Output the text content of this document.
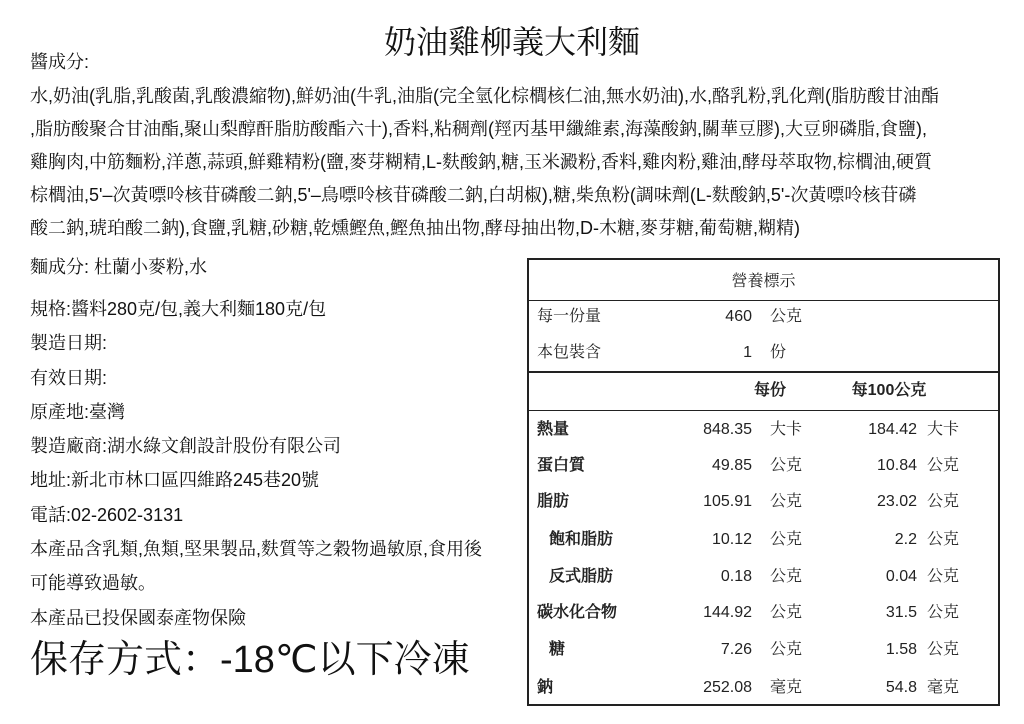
奶油雞柳義大利麵
醬成分:
水,奶油(乳脂,乳酸菌,乳酸濃縮物),鮮奶油(牛乳,油脂(完全氫化棕櫚核仁油,無水奶油),水,酪乳粉,乳化劑(脂肪酸甘油酯
,脂肪酸聚合甘油酯,聚山梨醇酐脂肪酸酯六十),香料,粘稠劑(羥丙基甲纖維素,海藻酸鈉,關華豆膠),大豆卵磷脂,食鹽),
雞胸肉,中筋麵粉,洋蔥,蒜頭,鮮雞精粉(鹽,麥芽糊精,L-麩酸鈉,糖,玉米澱粉,香料,雞肉粉,雞油,酵母萃取物,棕櫚油,硬質
棕櫚油,5'–次黃嘌呤核苷磷酸二鈉,5'–鳥嘌呤核苷磷酸二鈉,白胡椒),糖,柴魚粉(調味劑(L-麩酸鈉,5'-次黃嘌呤核苷磷
酸二鈉,琥珀酸二鈉),食鹽,乳糖,砂糖,乾燻鰹魚,鰹魚抽出物,酵母抽出物,D-木糖,麥芽糖,葡萄糖,糊精)
麵成分: 杜蘭小麥粉,水
規格:醬料280克/包,義大利麵180克/包
製造日期:
有效日期:
原產地:臺灣
製造廠商:湖水綠文創設計股份有限公司
地址:新北市林口區四維路245巷20號
電話:02-2602-3131
本產品含乳類,魚類,堅果製品,麩質等之穀物過敏原,食用後
可能導致過敏。
本產品已投保國泰產物保險
保存方式：-18℃以下冷凍
營養標示
每一份量	460 公克
本包裝含	1 份
每份	每100公克
熱量	848.35 大卡	184.42 大卡
蛋白質	49.85 公克	10.84 公克
脂肪	105.91 公克	23.02 公克
飽和脂肪	10.12 公克	2.2 公克
反式脂肪	0.18 公克	0.04 公克
碳水化合物	144.92 公克	31.5 公克
糖	7.26 公克	1.58 公克
鈉	252.08 毫克	54.8 毫克
